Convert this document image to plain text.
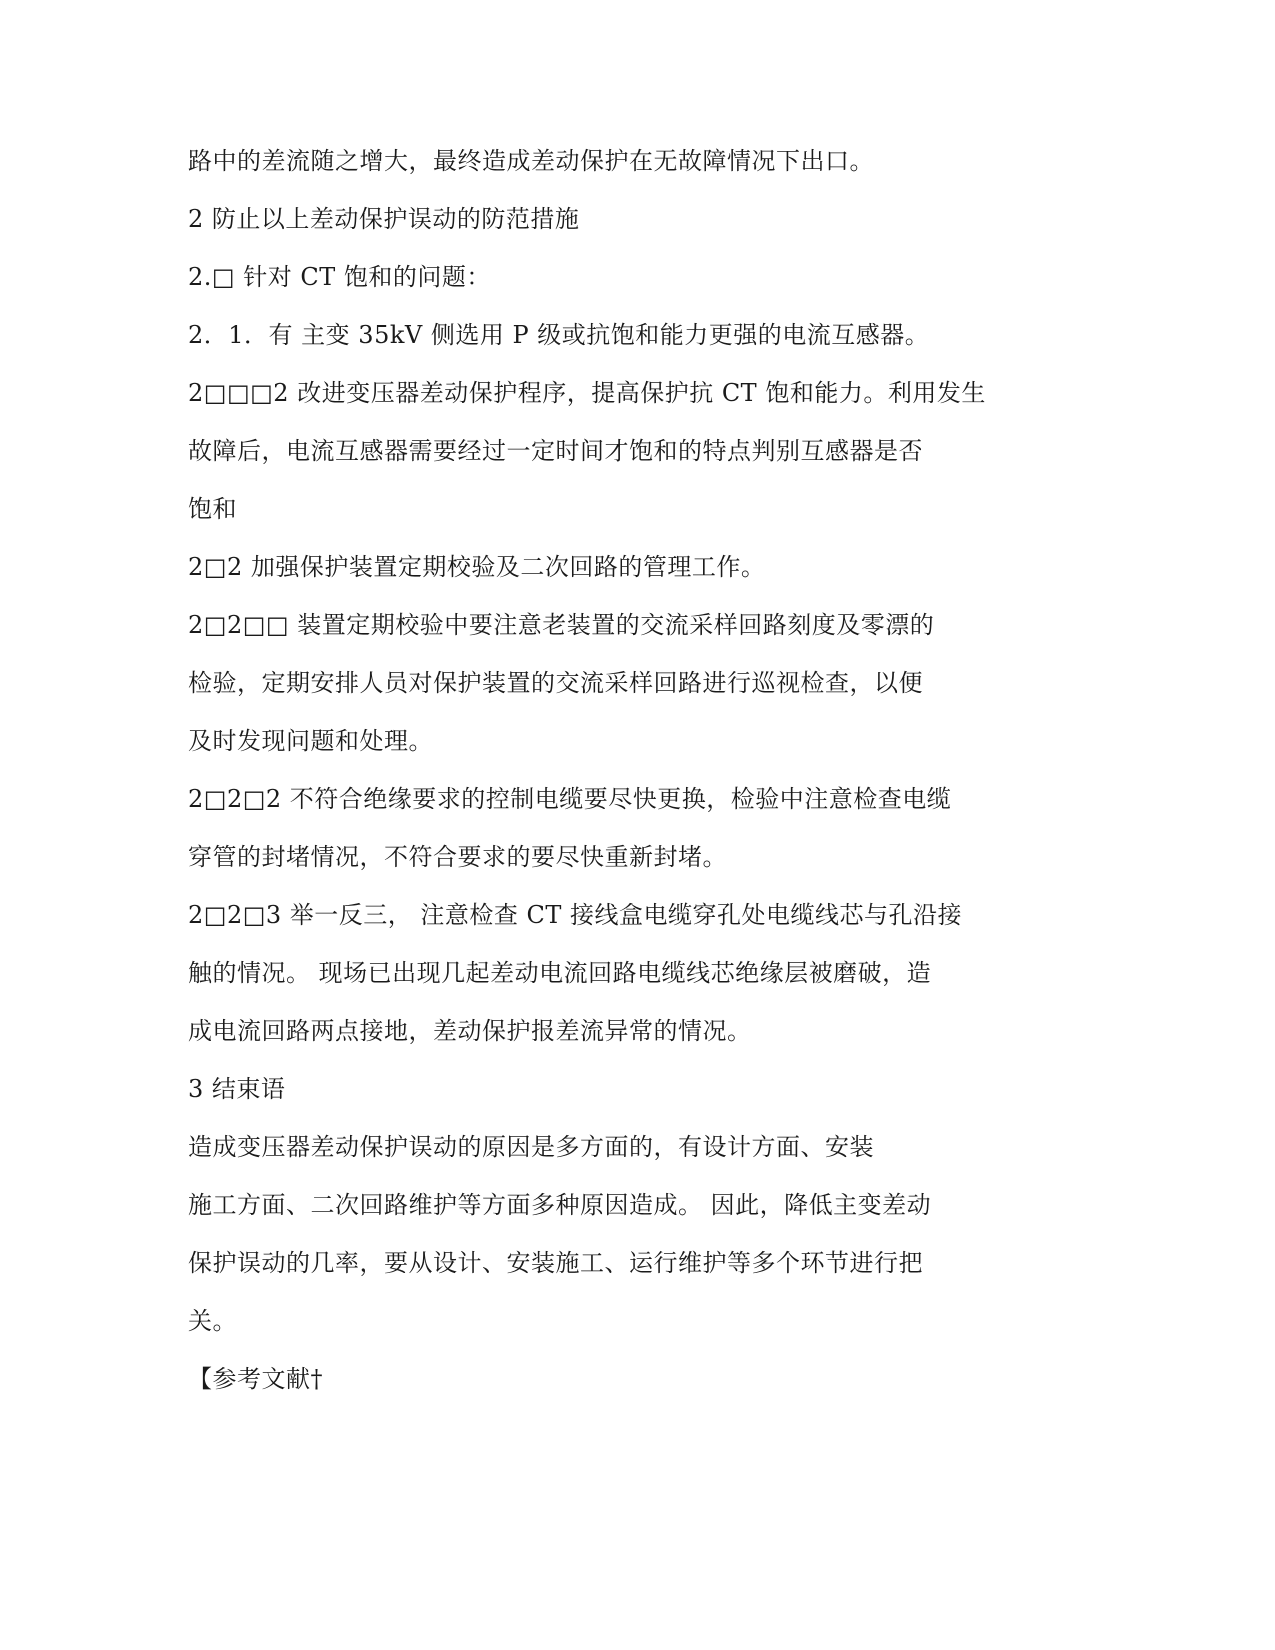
路中的差流随之增大，最终造成差动保护在无故障情况下出口。
2 防止以上差动保护误动的防范措施
2.□ 针对 CT 饱和的问题：
2．1．有 主变 35kV 侧选用 P 级或抗饱和能力更强的电流互感器。
2□□□2 改进变压器差动保护程序，提高保护抗 CT 饱和能力。利用发生
故障后，电流互感器需要经过一定时间才饱和的特点判别互感器是否
饱和
2□2 加强保护装置定期校验及二次回路的管理工作。
2□2□□ 装置定期校验中要注意老装置的交流采样回路刻度及零漂的
检验，定期安排人员对保护装置的交流采样回路进行巡视检查，以便
及时发现问题和处理。
2□2□2 不符合绝缘要求的控制电缆要尽快更换，检验中注意检查电缆
穿管的封堵情况，不符合要求的要尽快重新封堵。
2□2□3 举一反三， 注意检查 CT 接线盒电缆穿孔处电缆线芯与孔沿接
触的情况。 现场已出现几起差动电流回路电缆线芯绝缘层被磨破，造
成电流回路两点接地，差动保护报差流异常的情况。
3 结束语
造成变压器差动保护误动的原因是多方面的，有设计方面、安装
施工方面、二次回路维护等方面多种原因造成。 因此，降低主变差动
保护误动的几率，要从设计、安装施工、运行维护等多个环节进行把
关。
【参考文献†
